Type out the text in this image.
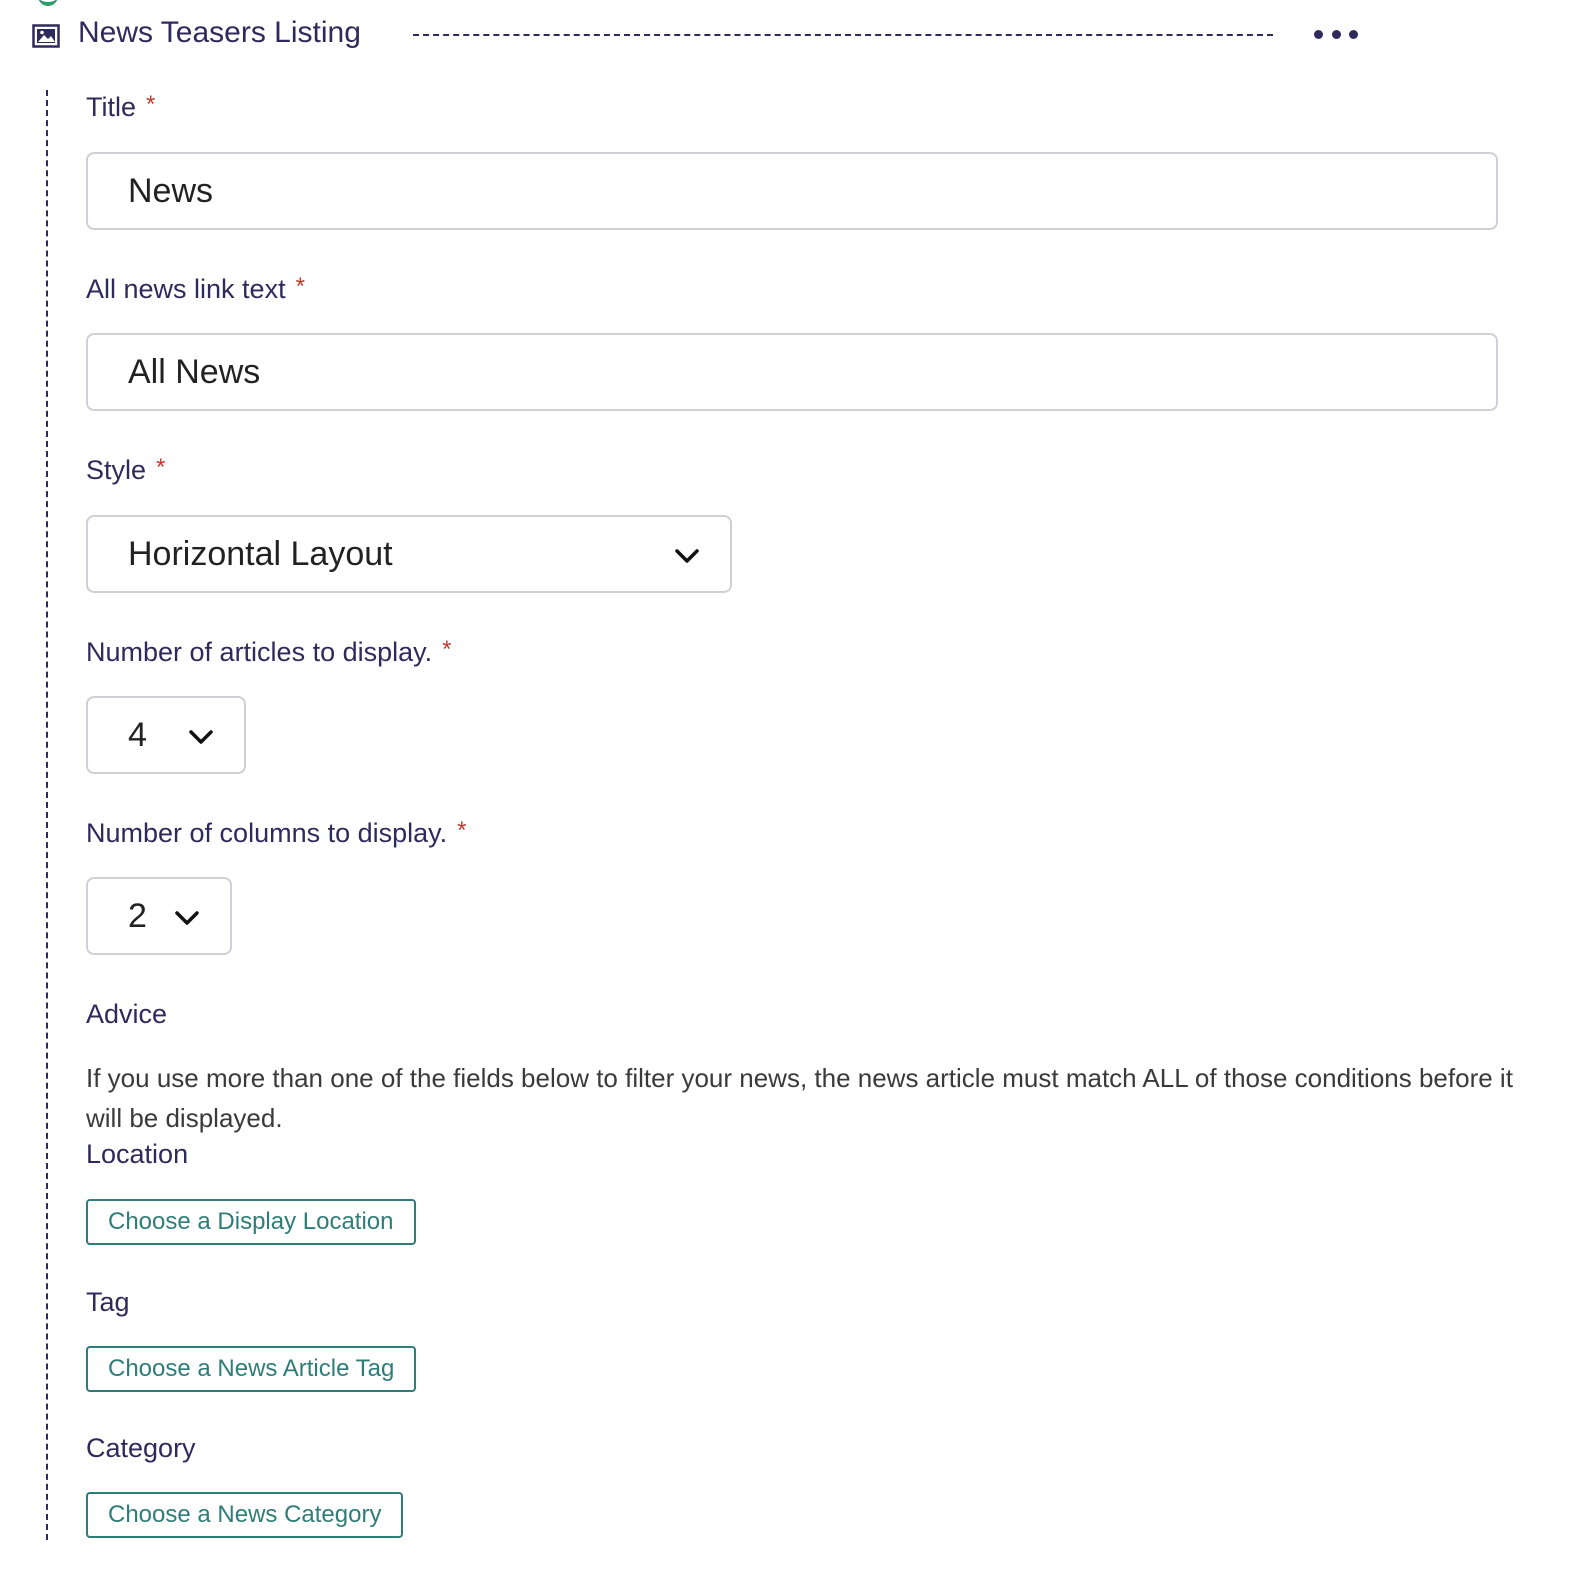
News Teasers Listing
Title *
News
All news link text *
All News
Style *
Horizontal Layout
Number of articles to display. *
4
Number of columns to display. *
2
Advice
If you use more than one of the fields below to filter your news, the news article must match ALL of those conditions before it will be displayed.
Location
Choose a Display Location
Tag
Choose a News Article Tag
Category
Choose a News Category
